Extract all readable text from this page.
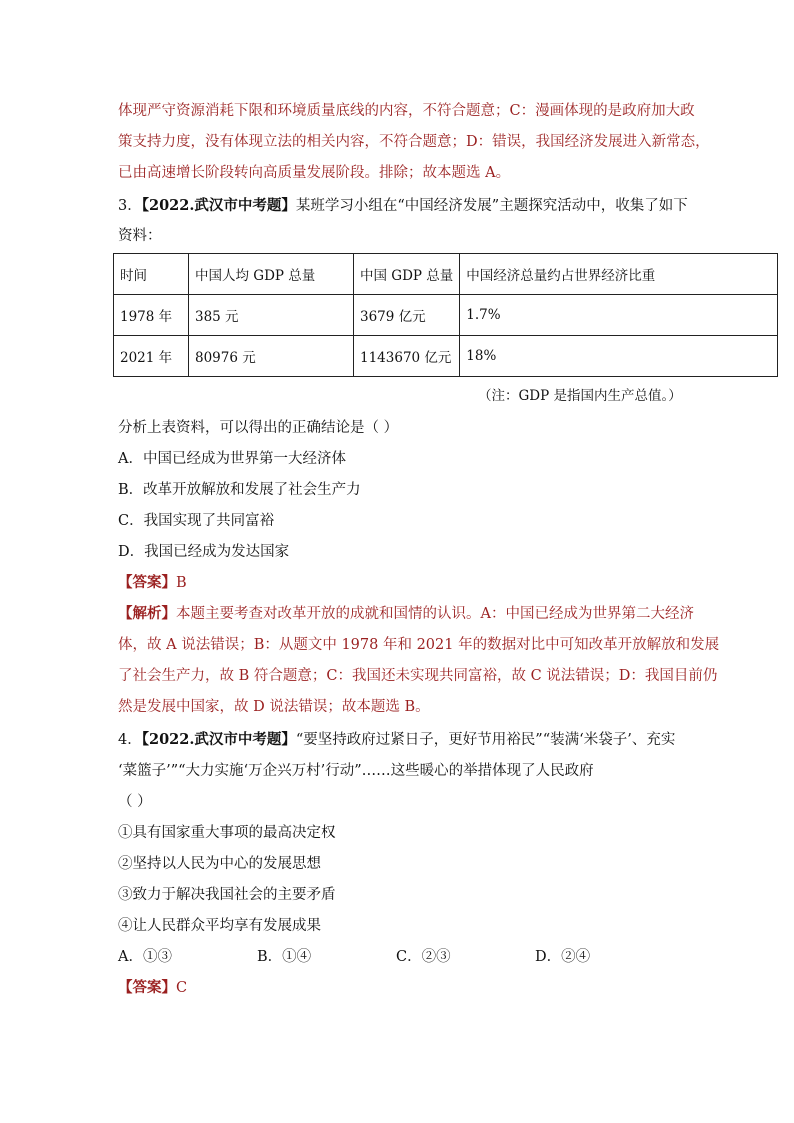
体现严守资源消耗下限和环境质量底线的内容，不符合题意；C：漫画体现的是政府加大政
策支持力度，没有体现立法的相关内容，不符合题意；D：错误，我国经济发展进入新常态，
已由高速增长阶段转向高质量发展阶段。排除；故本题选 A。
3．【2022.武汉市中考题】某班学习小组在“中国经济发展”主题探究活动中，收集了如下
资料：
时间	中国人均 GDP 总量	中国 GDP 总量	中国经济总量约占世界经济比重
1978 年	385 元	3679 亿元	1.7%
2021 年	80976 元	1143670 亿元	18%
（注：GDP 是指国内生产总值。）
分析上表资料，可以得出的正确结论是（ ）
A．中国已经成为世界第一大经济体
B．改革开放解放和发展了社会生产力
C．我国实现了共同富裕
D．我国已经成为发达国家
【答案】B
【解析】本题主要考查对改革开放的成就和国情的认识。A：中国已经成为世界第二大经济
体，故 A 说法错误；B：从题文中 1978 年和 2021 年的数据对比中可知改革开放解放和发展
了社会生产力，故 B 符合题意；C：我国还未实现共同富裕，故 C 说法错误；D：我国目前仍
然是发展中国家，故 D 说法错误；故本题选 B。
4．【2022.武汉市中考题】“要坚持政府过紧日子，更好节用裕民”“装满‘米袋子’、充实
‘菜篮子’”“大力实施‘万企兴万村’行动”……这些暖心的举措体现了人民政府
（ ）
①具有国家重大事项的最高决定权
②坚持以人民为中心的发展思想
③致力于解决我国社会的主要矛盾
④让人民群众平均享有发展成果
A．①③	B．①④	C．②③	D．②④
【答案】C
